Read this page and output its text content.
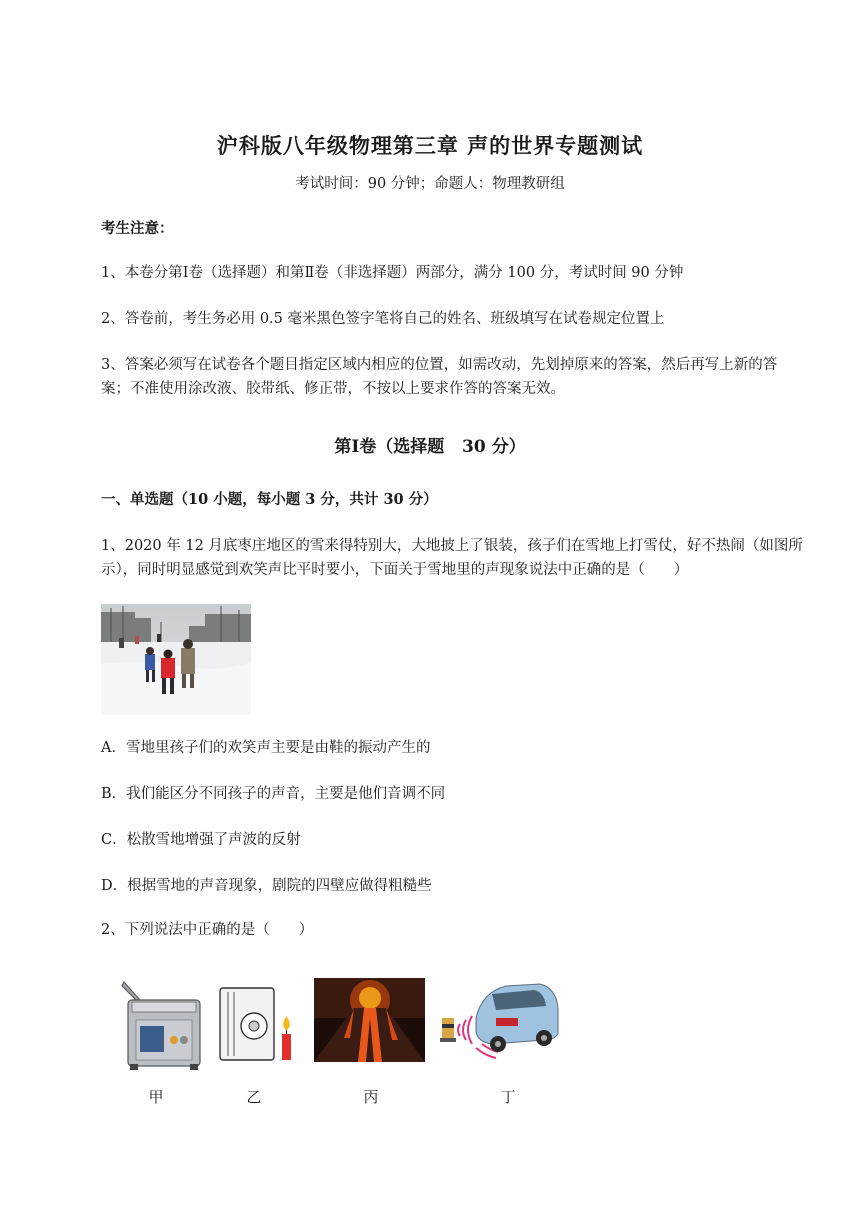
沪科版八年级物理第三章 声的世界专题测试
考试时间：90 分钟；命题人：物理教研组
考生注意：
1、本卷分第Ⅰ卷（选择题）和第Ⅱ卷（非选择题）两部分，满分 100 分，考试时间 90 分钟
2、答卷前，考生务必用 0.5 毫米黑色签字笔将自己的姓名、班级填写在试卷规定位置上
3、答案必须写在试卷各个题目指定区域内相应的位置，如需改动，先划掉原来的答案，然后再写上新的答案；不准使用涂改液、胶带纸、修正带，不按以上要求作答的答案无效。
第Ⅰ卷（选择题   30 分）
一、单选题（10 小题，每小题 3 分，共计 30 分）
1、2020 年 12 月底枣庄地区的雪来得特别大，大地披上了银装，孩子们在雪地上打雪仗，好不热闹（如图所示），同时明显感觉到欢笑声比平时要小，下面关于雪地里的声现象说法中正确的是（　　）
A．雪地里孩子们的欢笑声主要是由鞋的振动产生的
B．我们能区分不同孩子的声音，主要是他们音调不同
C．松散雪地增强了声波的反射
D．根据雪地的声音现象，剧院的四壁应做得粗糙些
2、下列说法中正确的是（　　）
甲	乙	丙	丁
